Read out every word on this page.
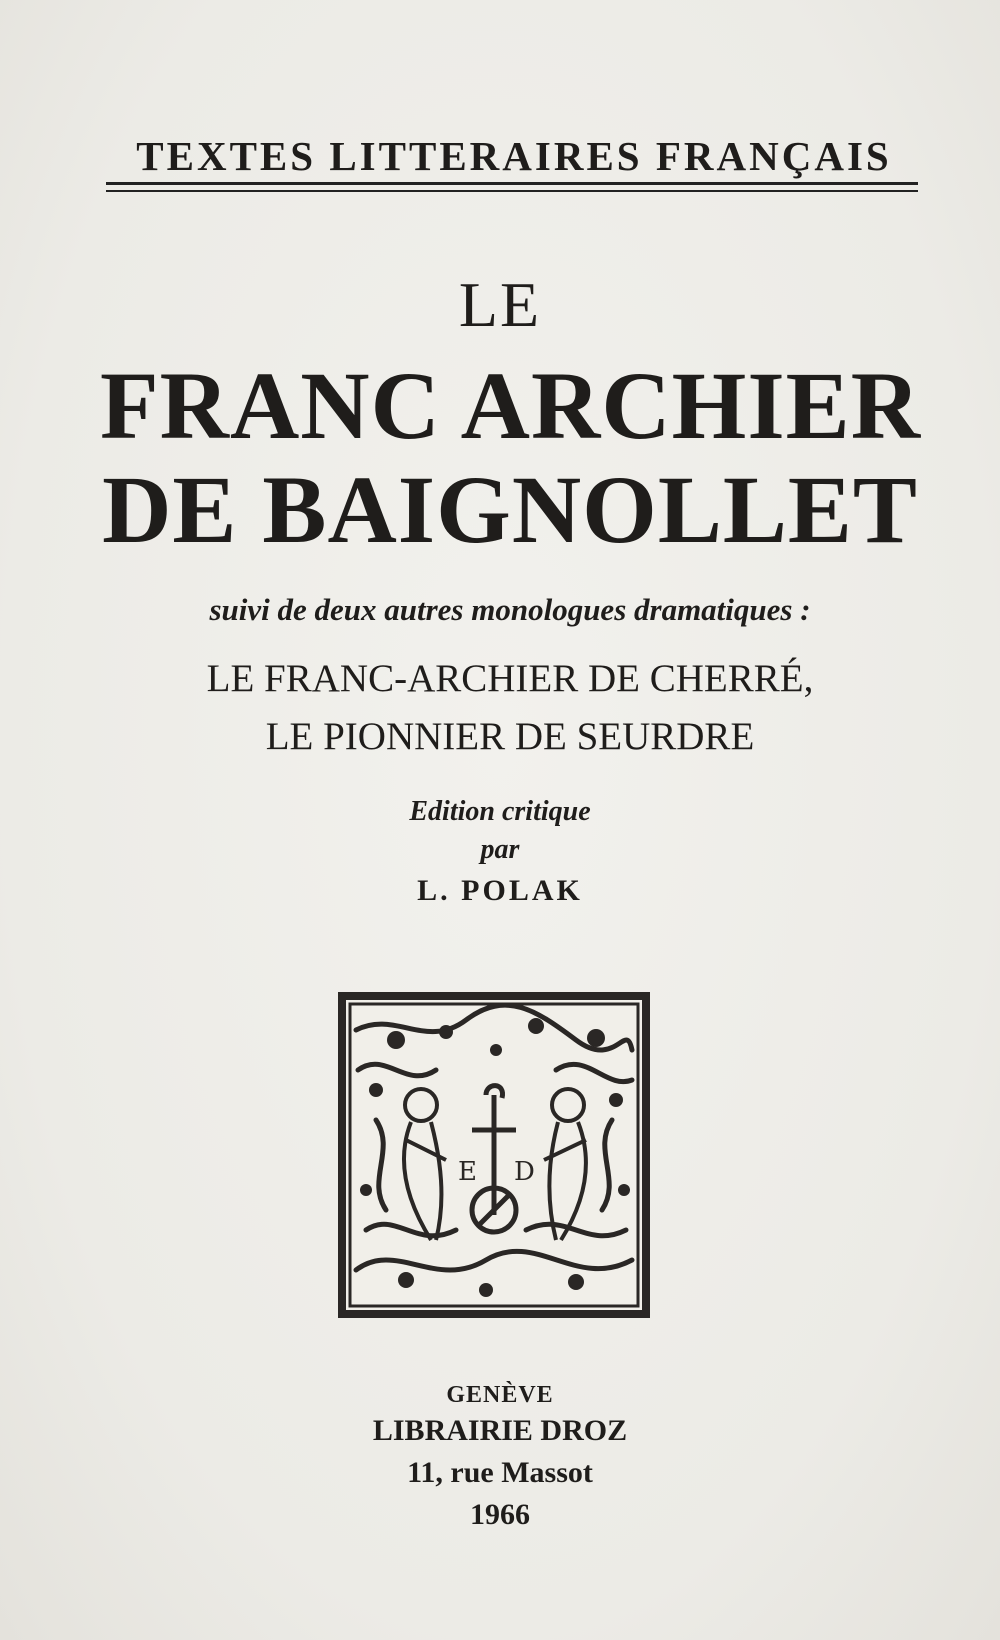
TEXTES LITTERAIRES FRANÇAIS
LE
FRANC ARCHIER
DE BAIGNOLLET
suivi de deux autres monologues dramatiques :
LE FRANC-ARCHIER DE CHERRÉ,
LE PIONNIER DE SEURDRE
Edition critique
par
L. POLAK
E D
GENÈVE
LIBRAIRIE DROZ
11, rue Massot
1966
